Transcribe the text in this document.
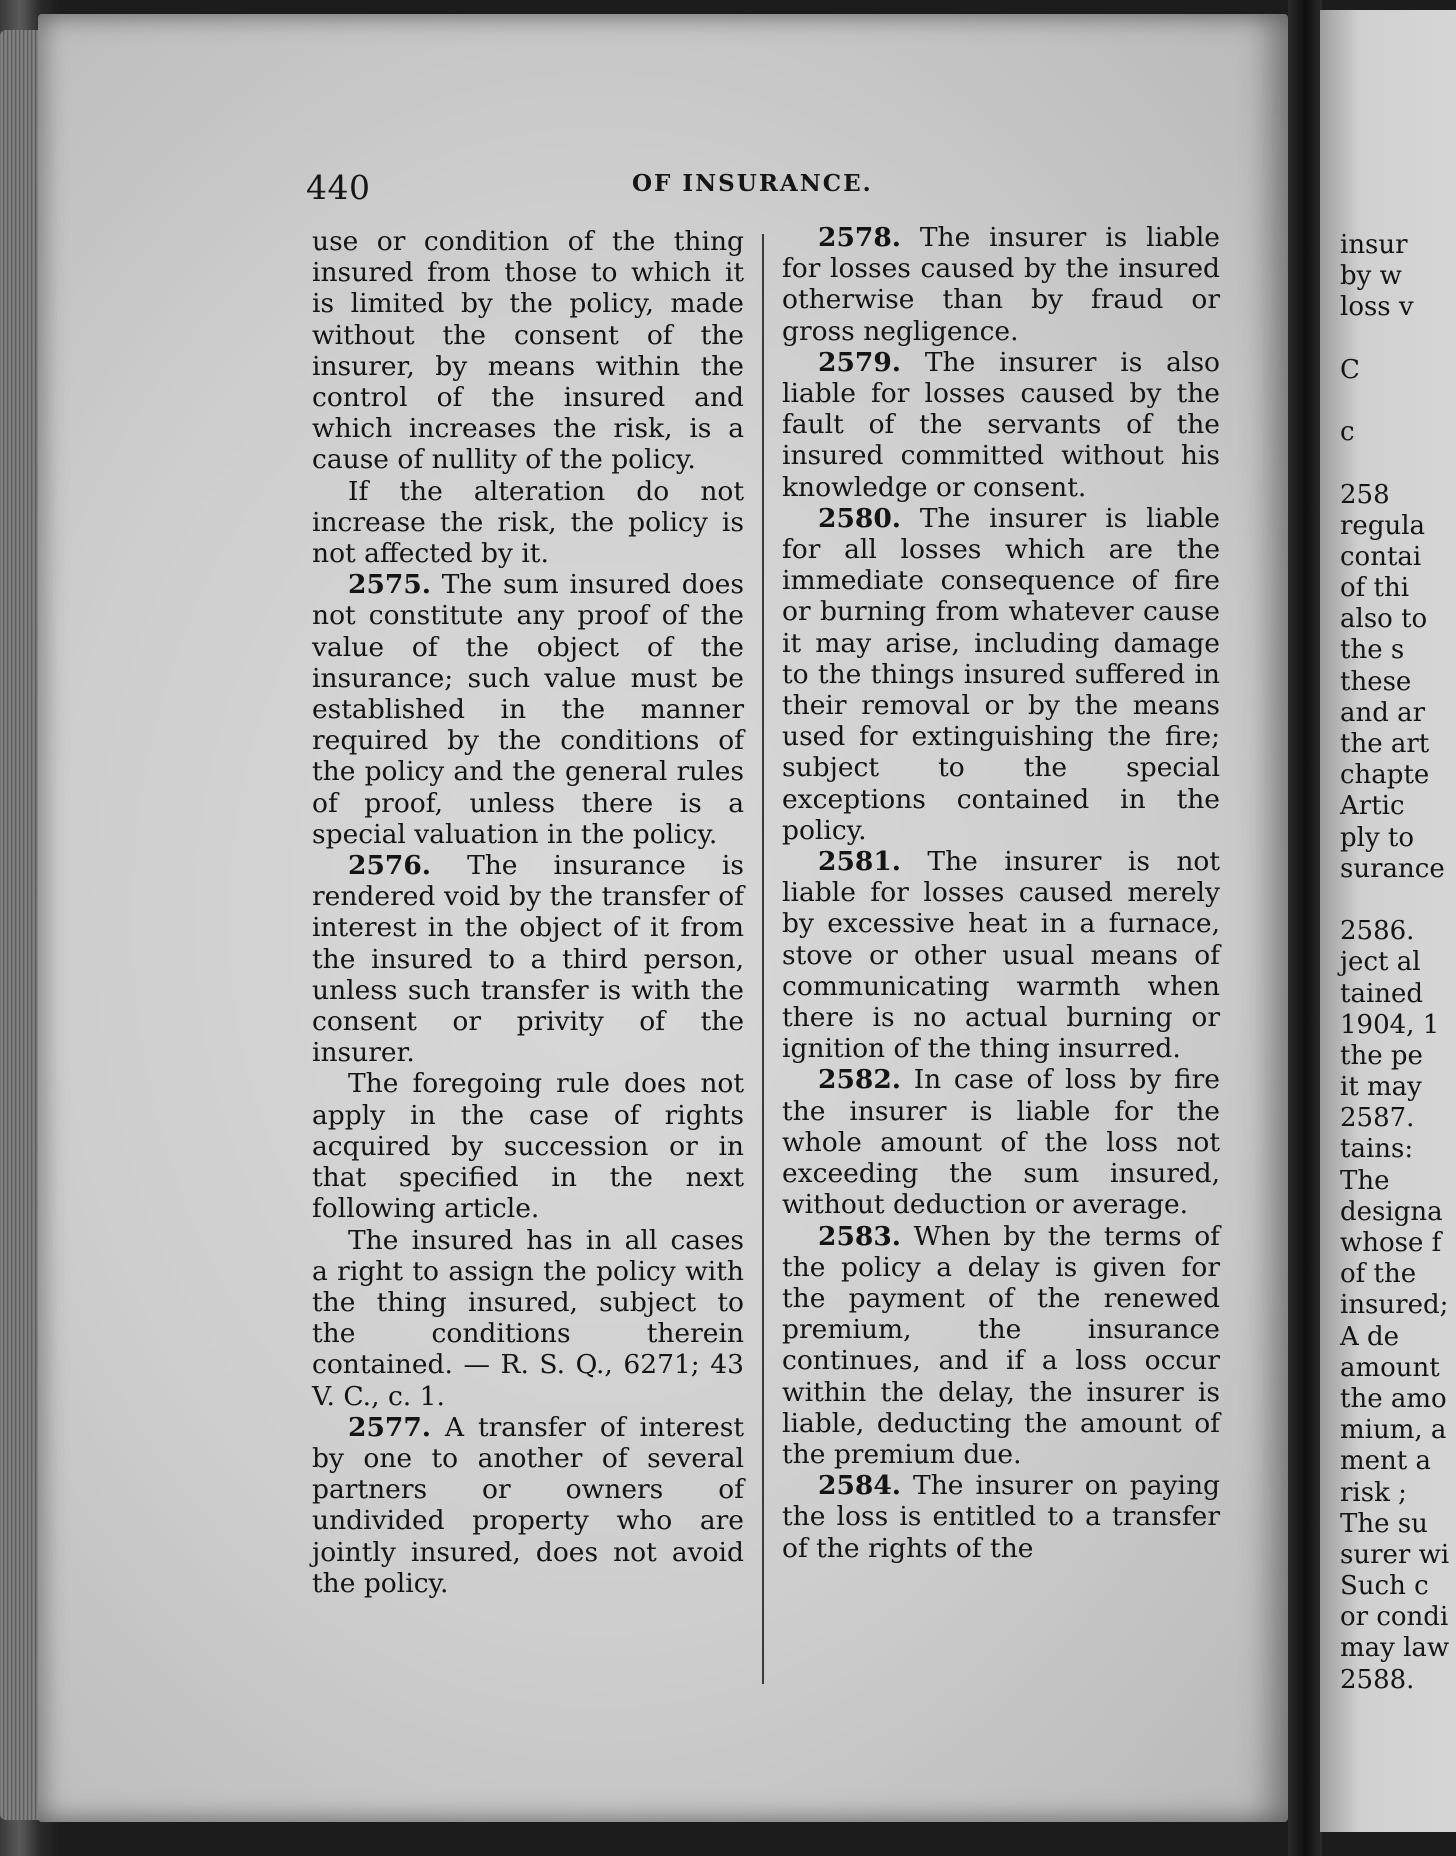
440	OF INSURANCE.

use or condition of the thing insured from those to which it is limited by the policy, made without the consent of the insurer, by means within the control of the insured and which increases the risk, is a cause of nullity of the policy.

If the alteration do not increase the risk, the policy is not affected by it.

2575. The sum insured does not constitute any proof of the value of the object of the insurance; such value must be established in the manner required by the conditions of the policy and the general rules of proof, unless there is a special valuation in the policy.

2576. The insurance is rendered void by the transfer of interest in the object of it from the insured to a third person, unless such transfer is with the consent or privity of the insurer.

The foregoing rule does not apply in the case of rights acquired by succession or in that specified in the next following article.

The insured has in all cases a right to assign the policy with the thing insured, subject to the conditions therein contained. — R. S. Q., 6271; 43 V. C., c. 1.

2577. A transfer of interest by one to another of several partners or owners of undivided property who are jointly insured, does not avoid the policy.

2578. The insurer is liable for losses caused by the insured otherwise than by fraud or gross negligence.

2579. The insurer is also liable for losses caused by the fault of the servants of the insured committed without his knowledge or consent.

2580. The insurer is liable for all losses which are the immediate consequence of fire or burning from whatever cause it may arise, including damage to the things insured suffered in their removal or by the means used for extinguishing the fire; subject to the special exceptions contained in the policy.

2581. The insurer is not liable for losses caused merely by excessive heat in a furnace, stove or other usual means of communicating warmth when there is no actual burning or ignition of the thing insurred.

2582. In case of loss by fire the insurer is liable for the whole amount of the loss not exceeding the sum insured, without deduction or average.

2583. When by the terms of the policy a delay is given for the payment of the renewed premium, the insurance continues, and if a loss occur within the delay, the insurer is liable, deducting the amount of the premium due.

2584. The insurer on paying the loss is entitled to a transfer of the rights of the

insur
by w
loss v
C
c
258
regula
contai
of thi
also to
the s
these
and ar
the art
chapte
Artic
ply to
surance
2586.
ject al
tained
1904, 1
the pe
it may
2587.
tains:
The
designa
whose f
of the
insured;
A de
amount
the amo
mium, a
ment a
risk ;
The su
surer wi
Such c
or condi
may law
2588.
